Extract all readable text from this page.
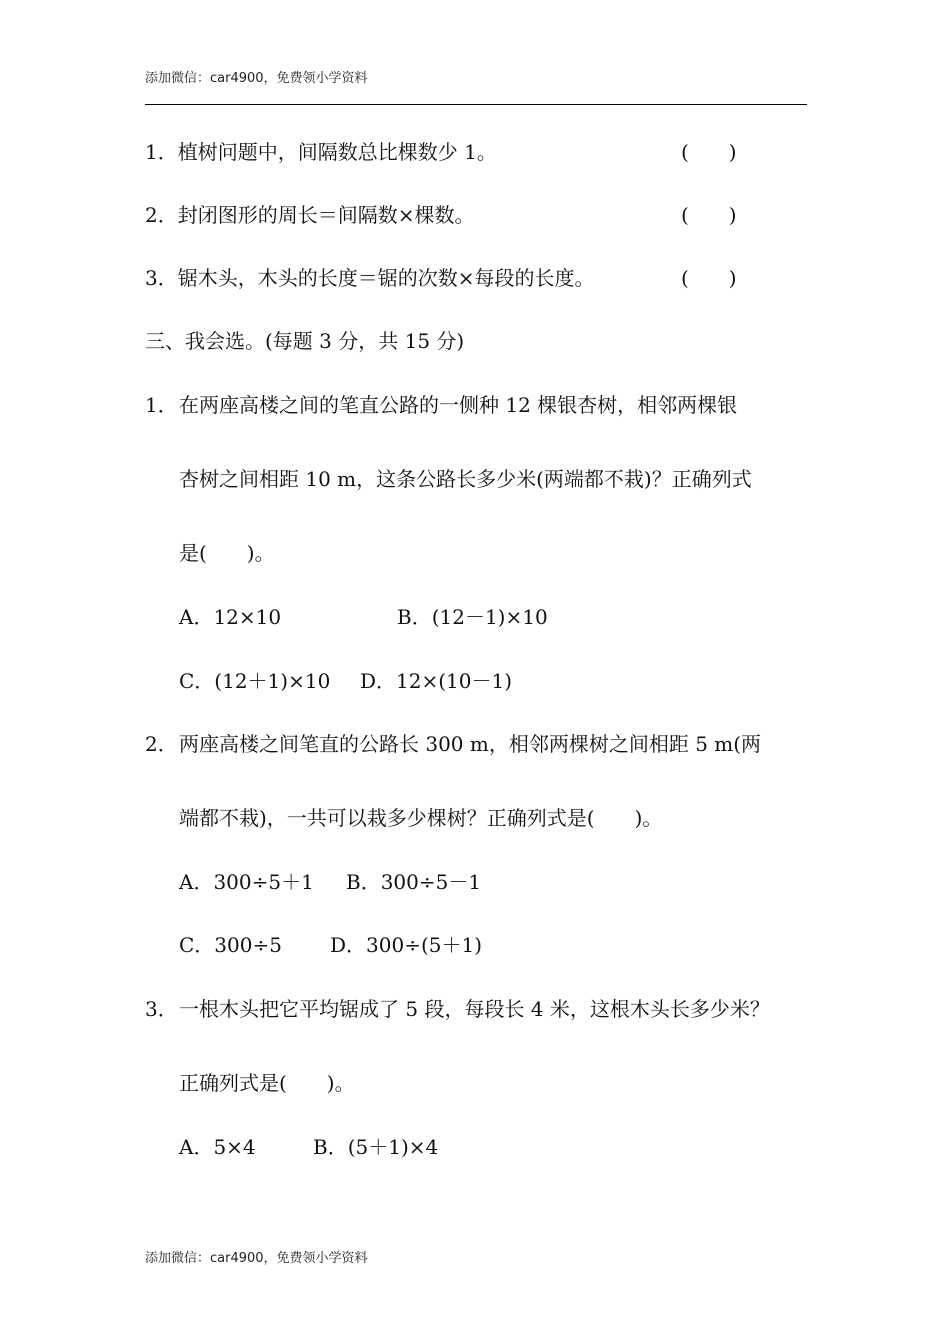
添加微信：car4900，免费领小学资料
1．植树问题中，间隔数总比棵数少 1。	(　　)
2．封闭图形的周长＝间隔数×棵数。	(　　)
3．锯木头，木头的长度＝锯的次数×每段的长度。	(　　)
三、我会选。(每题 3 分，共 15 分)
1． 在两座高楼之间的笔直公路的一侧种 12 棵银杏树，相邻两棵银
杏树之间相距 10 m，这条公路长多少米(两端都不栽)？正确列式
是(　　)。
A．12×10	B．(12－1)×10
C．(12＋1)×10 D．12×(10－1)
2． 两座高楼之间笔直的公路长 300 m，相邻两棵树之间相距 5 m(两
端都不栽)，一共可以栽多少棵树？正确列式是(　　)。
A．300÷5＋1 B．300÷5－1
C．300÷5 D．300÷(5＋1)
3． 一根木头把它平均锯成了 5 段，每段长 4 米，这根木头长多少米？
正确列式是(　　)。
A．5×4	B．(5＋1)×4
添加微信：car4900，免费领小学资料
